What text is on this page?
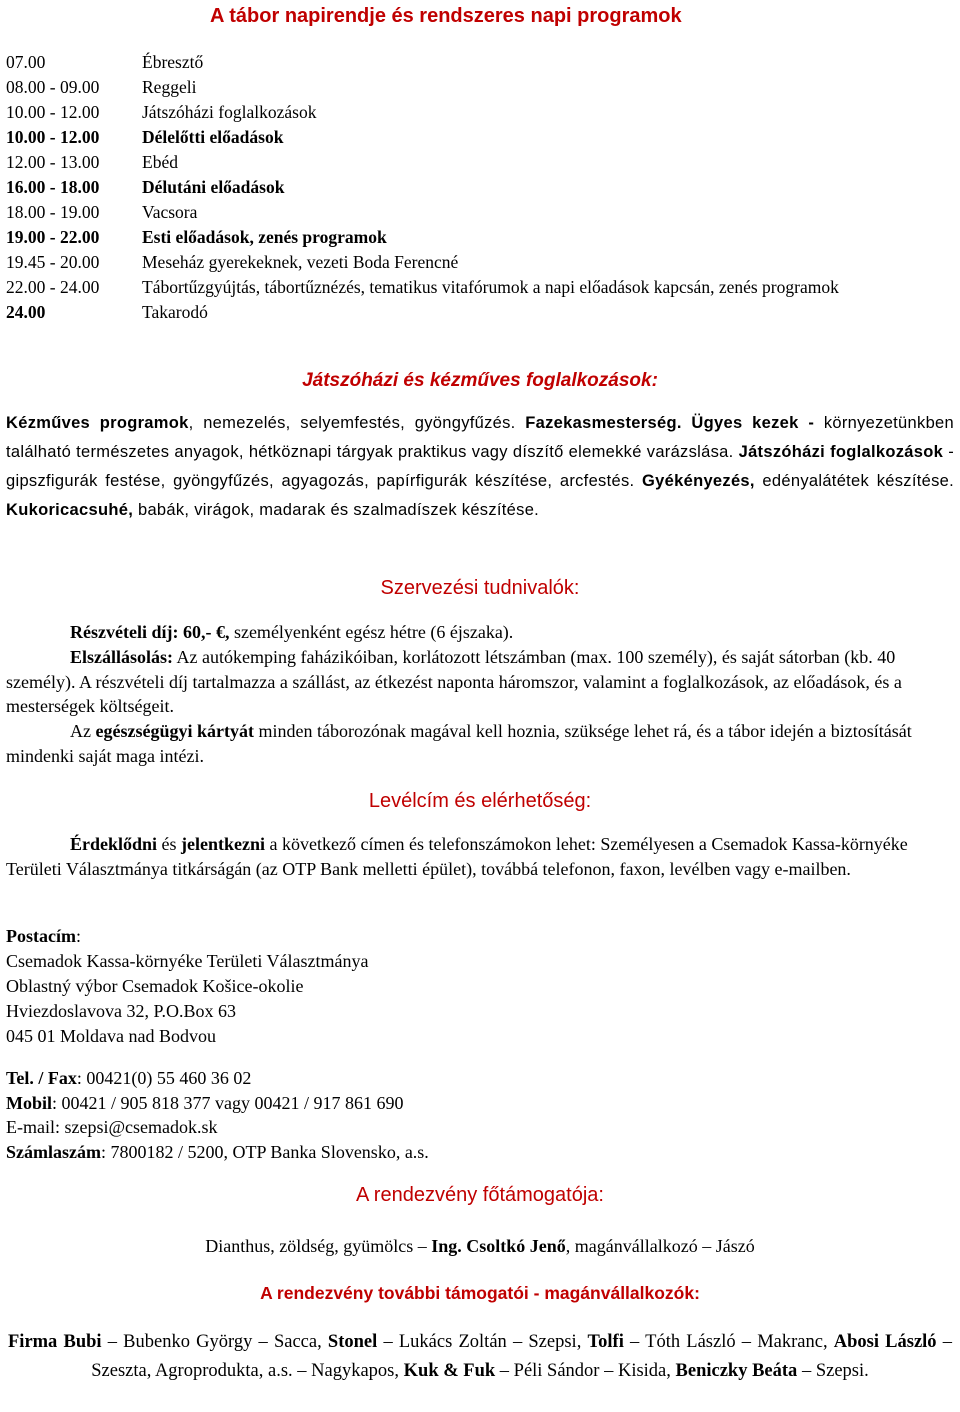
A tábor napirendje és rendszeres napi programok
07.00	Ébresztő
08.00 - 09.00	Reggeli
10.00 - 12.00	Játszóházi foglalkozások
10.00 - 12.00	Délelőtti előadások
12.00 - 13.00	Ebéd
16.00 - 18.00	Délutáni előadások
18.00 - 19.00	Vacsora
19.00 - 22.00	Esti előadások, zenés programok
19.45 - 20.00	Meseház gyerekeknek, vezeti Boda Ferencné
22.00 - 24.00	Tábortűzgyújtás, tábortűznézés, tematikus vitafórumok a napi előadások kapcsán, zenés programok
24.00	Takarodó
Játszóházi és kézműves foglalkozások:
Kézműves programok, nemezelés, selyemfestés, gyöngyfűzés. Fazekasmesterség. Ügyes kezek - környezetünkben található természetes anyagok, hétköznapi tárgyak praktikus vagy díszítő elemekké varázslása. Játszóházi foglalkozások - gipszfigurák festése, gyöngyfűzés, agyagozás, papírfigurák készítése, arcfestés. Gyékényezés, edényalátétek készítése. Kukoricacsuhé, babák, virágok, madarak és szalmadíszek készítése.
Szervezési tudnivalók:
Részvételi díj: 60,- €, személyenként egész hétre (6 éjszaka).
Elszállásolás: Az autókemping faházikóiban, korlátozott létszámban (max. 100 személy), és saját sátorban (kb. 40 személy). A részvételi díj tartalmazza a szállást, az étkezést naponta háromszor, valamint a foglalkozások, az előadások, és a mesterségek költségeit.
Az egészségügyi kártyát minden táborozónak magával kell hoznia, szüksége lehet rá, és a tábor idején a biztosítását mindenki saját maga intézi.
Levélcím és elérhetőség:
Érdeklődni és jelentkezni a következő címen és telefonszámokon lehet: Személyesen a Csemadok Kassa-környéke Területi Választmánya titkárságán (az OTP Bank melletti épület), továbbá telefonon, faxon, levélben vagy e-mailben.
Postacím:
Csemadok Kassa-környéke Területi Választmánya
Oblastný výbor Csemadok Košice-okolie
Hviezdoslavova 32, P.O.Box 63
045 01 Moldava nad Bodvou
Tel. / Fax: 00421(0) 55 460 36 02
Mobil: 00421 / 905 818 377 vagy 00421 / 917 861 690
E-mail: szepsi@csemadok.sk
Számlaszám: 7800182 / 5200, OTP Banka Slovensko, a.s.
A rendezvény főtámogatója:
Dianthus, zöldség, gyümölcs – Ing. Csoltkó Jenő, magánvállalkozó – Jászó
A rendezvény további támogatói - magánvállalkozók:
Firma Bubi – Bubenko György – Sacca, Stonel – Lukács Zoltán – Szepsi, Tolfi – Tóth László – Makranc, Abosi László – Szeszta, Agroprodukta, a.s. – Nagykapos, Kuk & Fuk – Péli Sándor – Kisida, Beniczky Beáta – Szepsi.
